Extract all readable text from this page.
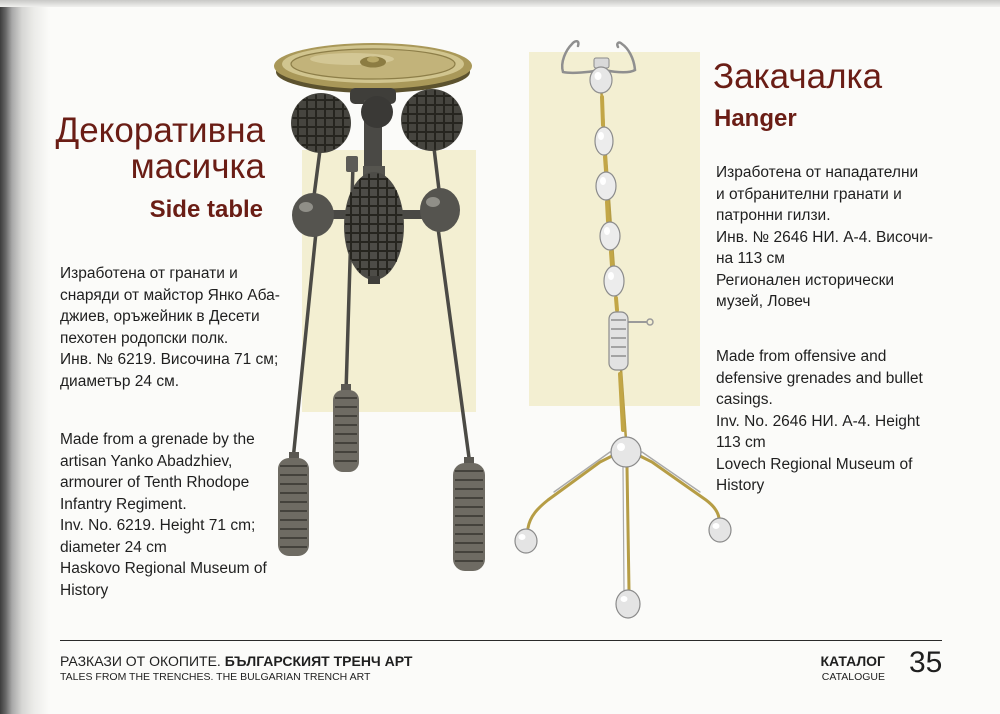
Декоративна
масичка
Side table
Изработена от гранати и
снаряди от майстор Янко Аба-
джиев, оръжейник в Десети
пехотен родопски полк.
Инв. № 6219. Височина 71 см;
диаметър 24 см.
Made from a grenade by the
artisan Yanko Abadzhiev,
armourer of Tenth Rhodope
Infantry Regiment.
Inv. No. 6219. Height 71 cm;
diameter 24 cm
Haskovo Regional Museum of
History
Закачалка
Hanger
Изработена от нападателни
и отбранителни гранати и
патронни гилзи.
Инв. № 2646 НИ. А-4. Височи-
на 113 см
Регионален исторически
музей, Ловеч
Made from offensive and
defensive grenades and bullet
casings.
Inv. No. 2646 НИ. А-4. Height
113 cm
Lovech Regional Museum of
History
РАЗКАЗИ ОТ ОКОПИТЕ. БЪЛГАРСКИЯТ ТРЕНЧ АРТ
TALES FROM THE TRENCHES. THE BULGARIAN TRENCH ART
КАТАЛОГ
CATALOGUE 35
